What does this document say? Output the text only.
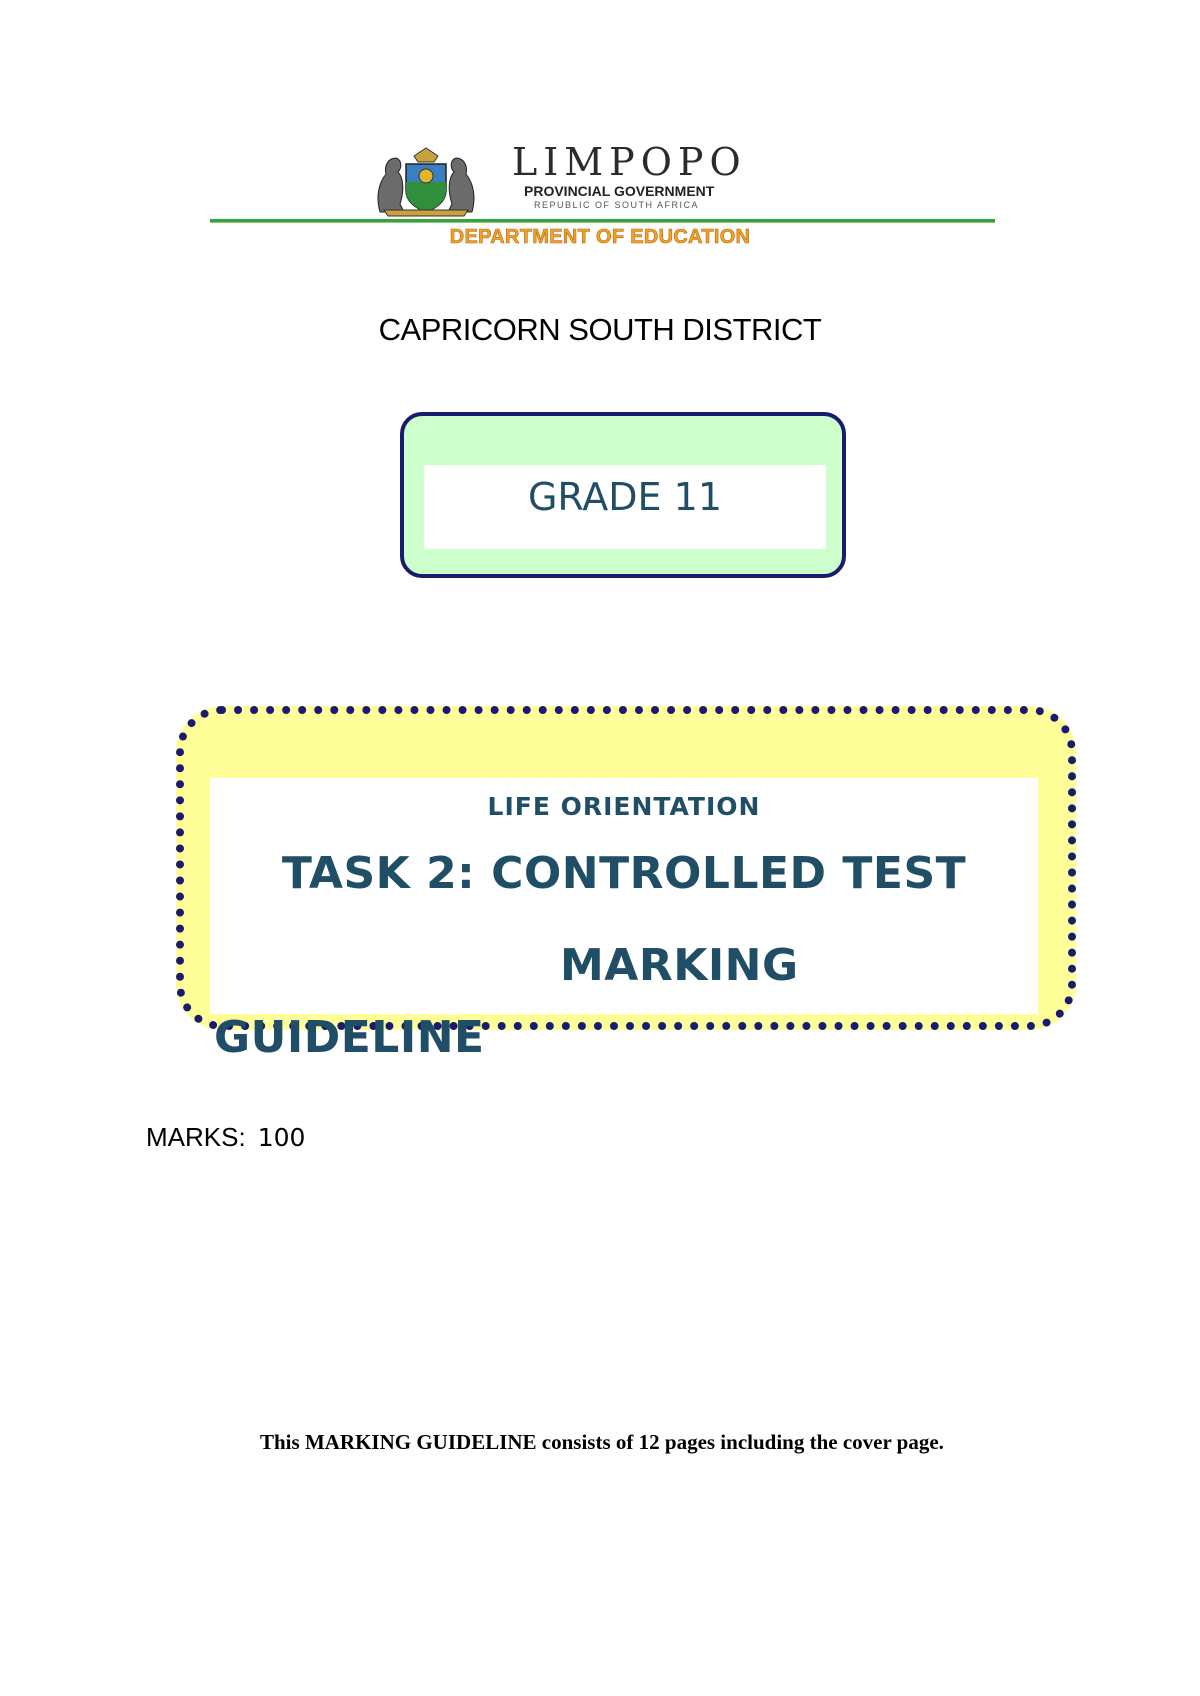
LIMPOPO
PROVINCIAL GOVERNMENT
REPUBLIC OF SOUTH AFRICA
DEPARTMENT OF EDUCATION
CAPRICORN SOUTH DISTRICT
GRADE 11
LIFE ORIENTATION
TASK 2: CONTROLLED TEST
MARKING
GUIDELINE
MARKS: 100
This MARKING GUIDELINE consists of 12 pages including the cover page.
